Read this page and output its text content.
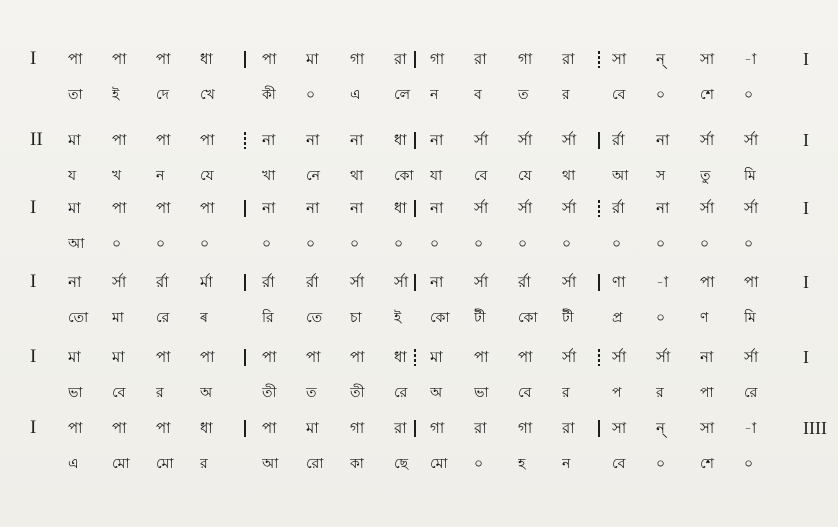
I পা	পা	পা	ধা	পা	মা	গা	রা	গা	রা	গা	রা	সা	ন্	সা	-া	I
তা	ই	দে	খে	কী	০	এ	লে	ন	ব	ত	র	বে	০	শে	০
II মা	পা	পা	পা	না	না	না	ধা	না	র্সা	র্সা	র্সা	র্রা	না	র্সা	র্সা	I
য	খ	ন	যে	খা	নে	থা	কো	যা	বে	যে	থা	আ	স	তু	মি
I মা	পা	পা	পা	না	না	না	ধা	না	র্সা	র্সা	র্সা	র্রা	না	র্সা	র্সা	I
আ	০	০	০	০	০	০	০	০	০	০	০	০	০	০	০
I না	র্সা	র্রা	র্মা	র্রা	র্রা	র্সা	র্সা	না	র্সা	র্রা	র্সা	ণা	-া	পা	পা	I
তো	মা	রে	ৰ	রি	তে	চা	ই	কো	টী	কো	টী	প্র	০	ণ	মি
I মা	মা	পা	পা	পা	পা	পা	ধা	মা	পা	পা	র্সা	র্সা	র্সা	না	র্সা	I
ভা	বে	র	অ	তী	ত	তী	রে	অ	ভা	বে	র	প	র	পা	রে
I পা	পা	পা	ধা	পা	মা	গা	রা	গা	রা	গা	রা	সা	ন্	সা	-া	IIII
এ	মো	মো	র	আ	রো	কা	ছে	মো	০	হ	ন	বে	০	শে	০
